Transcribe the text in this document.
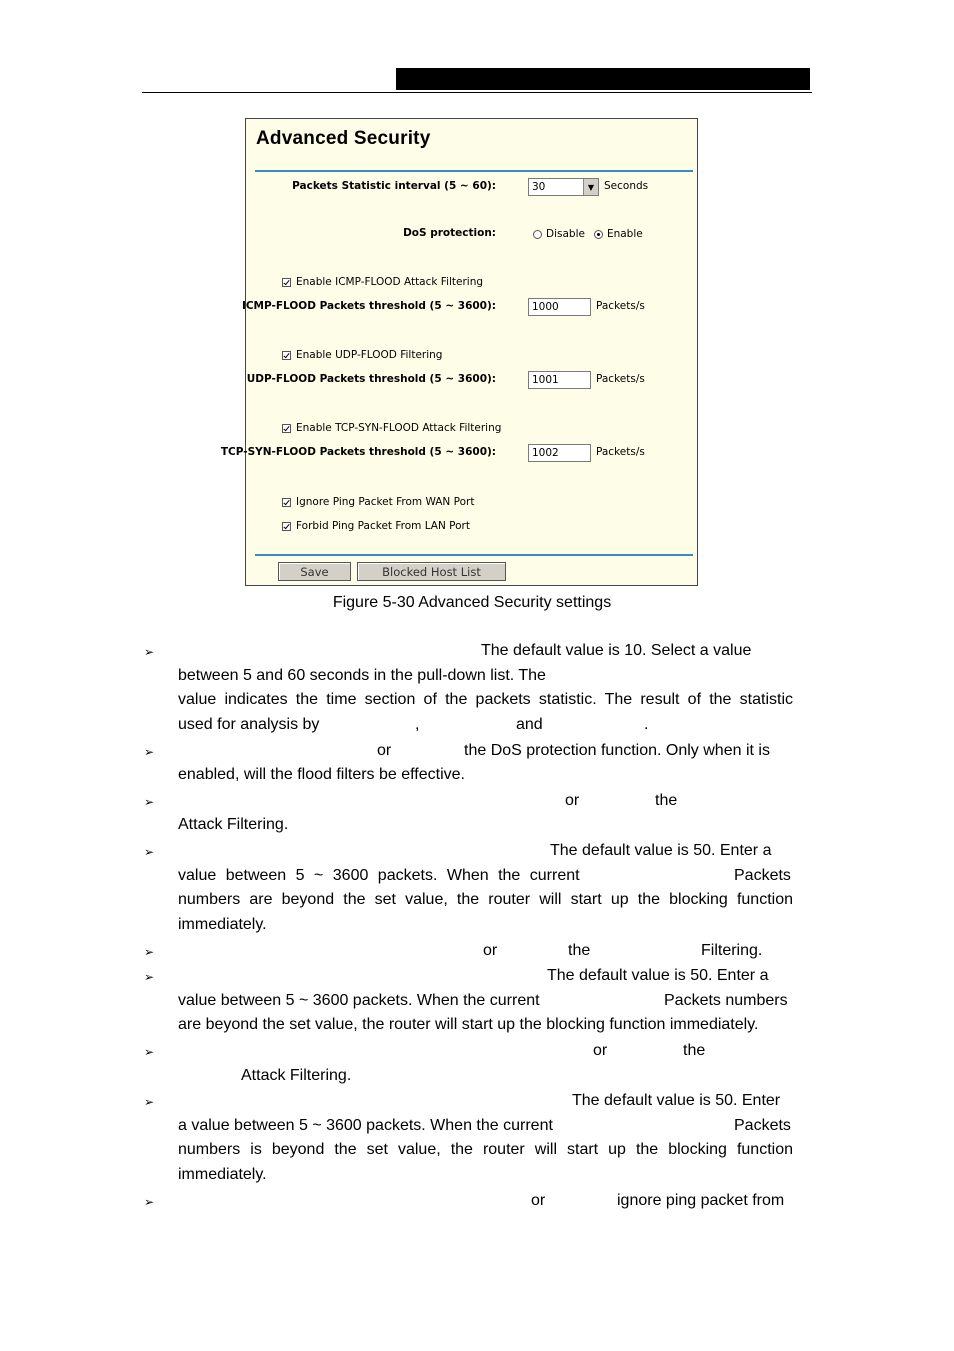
Advanced Security
Packets Statistic interval (5 ~ 60):	30	▼ Seconds
DoS protection:	Disable Enable
Enable ICMP-FLOOD Attack Filtering
ICMP-FLOOD Packets threshold (5 ~ 3600):	1000	Packets/s
Enable UDP-FLOOD Filtering
UDP-FLOOD Packets threshold (5 ~ 3600):	1001	Packets/s
Enable TCP-SYN-FLOOD Attack Filtering
TCP-SYN-FLOOD Packets threshold (5 ~ 3600):	1002	Packets/s
Ignore Ping Packet From WAN Port
Forbid Ping Packet From LAN Port
Save	Blocked Host List
Figure 5-30 Advanced Security settings
➢	The default value is 10. Select a value
between 5 and 60 seconds in the pull-down list. The
value indicates the time section of the packets statistic. The result of the statistic
used for analysis by	,	and	.
➢	or	the DoS protection function. Only when it is
enabled, will the flood filters be effective.
➢	or	the
Attack Filtering.
➢	The default value is 50. Enter a
value between 5 ~ 3600 packets. When the current	Packets
numbers are beyond the set value, the router will start up the blocking function
immediately.
➢	or	the	Filtering.
➢	The default value is 50. Enter a
value between 5 ~ 3600 packets. When the current	Packets numbers
are beyond the set value, the router will start up the blocking function immediately.
➢	or	the
Attack Filtering.
➢	The default value is 50. Enter
a value between 5 ~ 3600 packets. When the current	Packets
numbers is beyond the set value, the router will start up the blocking function
immediately.
➢	or	ignore ping packet from
